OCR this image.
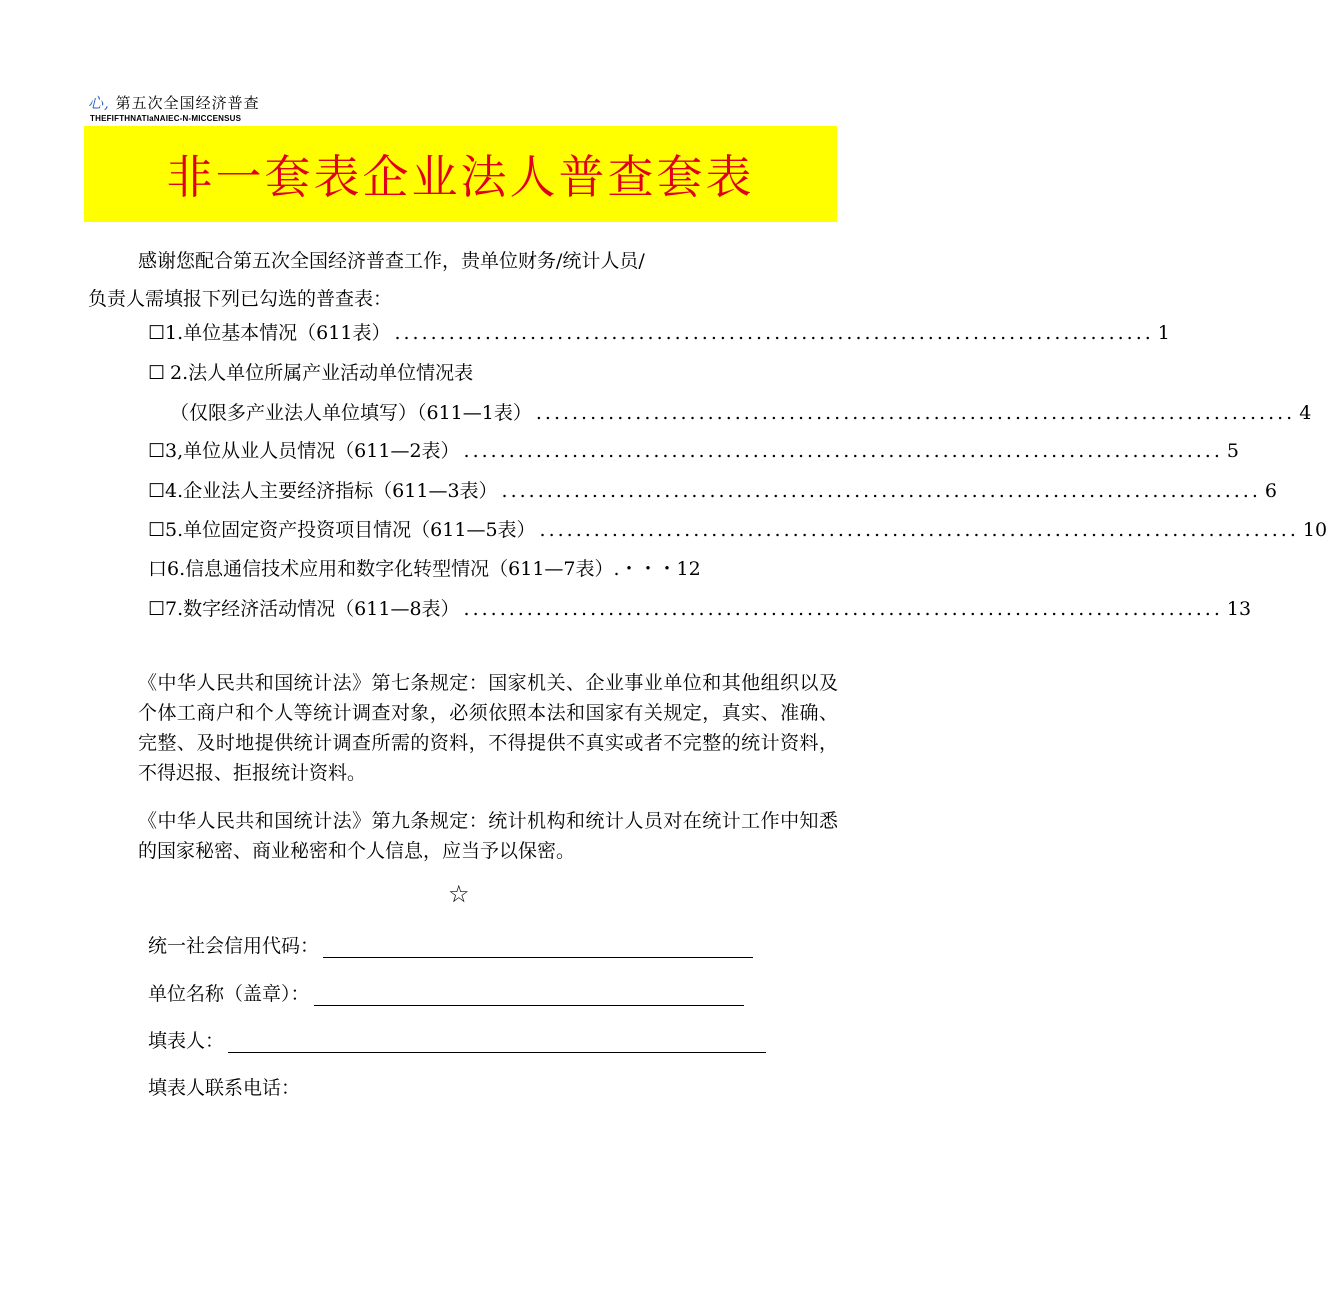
心, 第五次全国经济普查
THEFIFTHNATIaNAIEC-N-MICCENSUS
非一套表企业法人普查套表
感谢您配合第五次全国经济普查工作，贵单位财务/统计人员/
负责人需填报下列已勾选的普查表：
☐ 1.单位基本情况（611表） .................................................................................... 1
☐ 2.法人单位所属产业活动单位情况表
（仅限多产业法人单位填写）（611—1表） .................................................................................... 4
☐ 3,单位从业人员情况（611—2表） .................................................................................... 5
☐ 4.企业法人主要经济指标（611—3表） .................................................................................... 6
☐ 5.单位固定资产投资项目情况（611—5表） .................................................................................... 10
口 6.信息通信技术应用和数字化转型情况（611—7表）.・・・12
☐ 7.数字经济活动情况（611—8表） .................................................................................... 13

《中华人民共和国统计法》第七条规定：国家机关、企业事业单位和其他组织以及个体工商户和个人等统计调查对象，必须依照本法和国家有关规定，真实、准确、完整、及时地提供统计调查所需的资料，不得提供不真实或者不完整的统计资料，不得迟报、拒报统计资料。

《中华人民共和国统计法》第九条规定：统计机构和统计人员对在统计工作中知悉的国家秘密、商业秘密和个人信息，应当予以保密。

☆
统一社会信用代码：
单位名称（盖章）：
填表人：
填表人联系电话：
